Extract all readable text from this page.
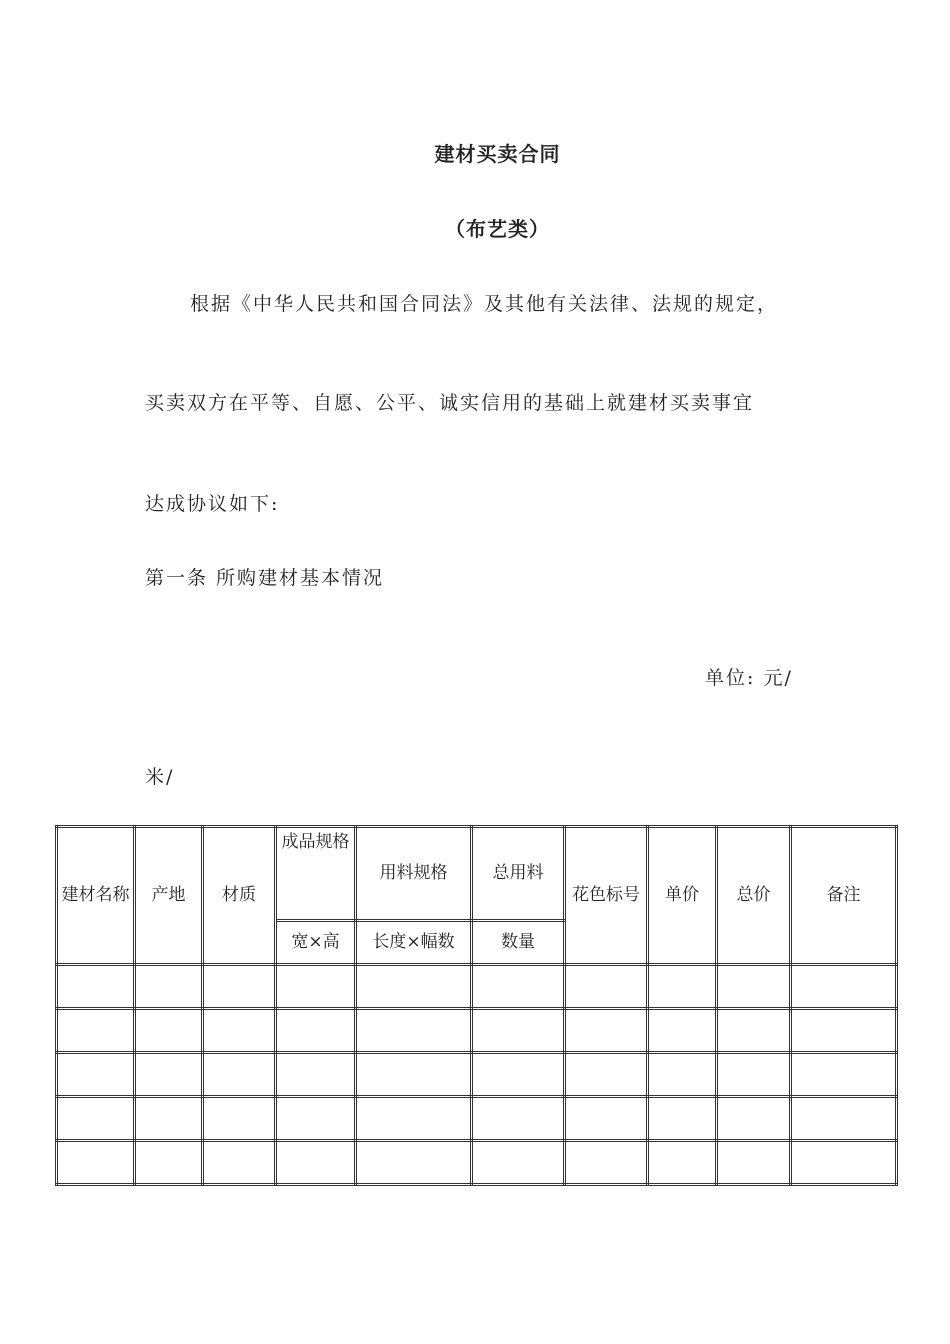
建材买卖合同
（布艺类）
根据《中华人民共和国合同法》及其他有关法律、法规的规定，
买卖双方在平等、自愿、公平、诚实信用的基础上就建材买卖事宜
达成协议如下:
第一条 所购建材基本情况
单位: 元/
米/
建材名称	产地	材质	成品规格	用料规格	总用料	花色标号	单价	总价	备注
			宽×高	长度×幅数	数量				
